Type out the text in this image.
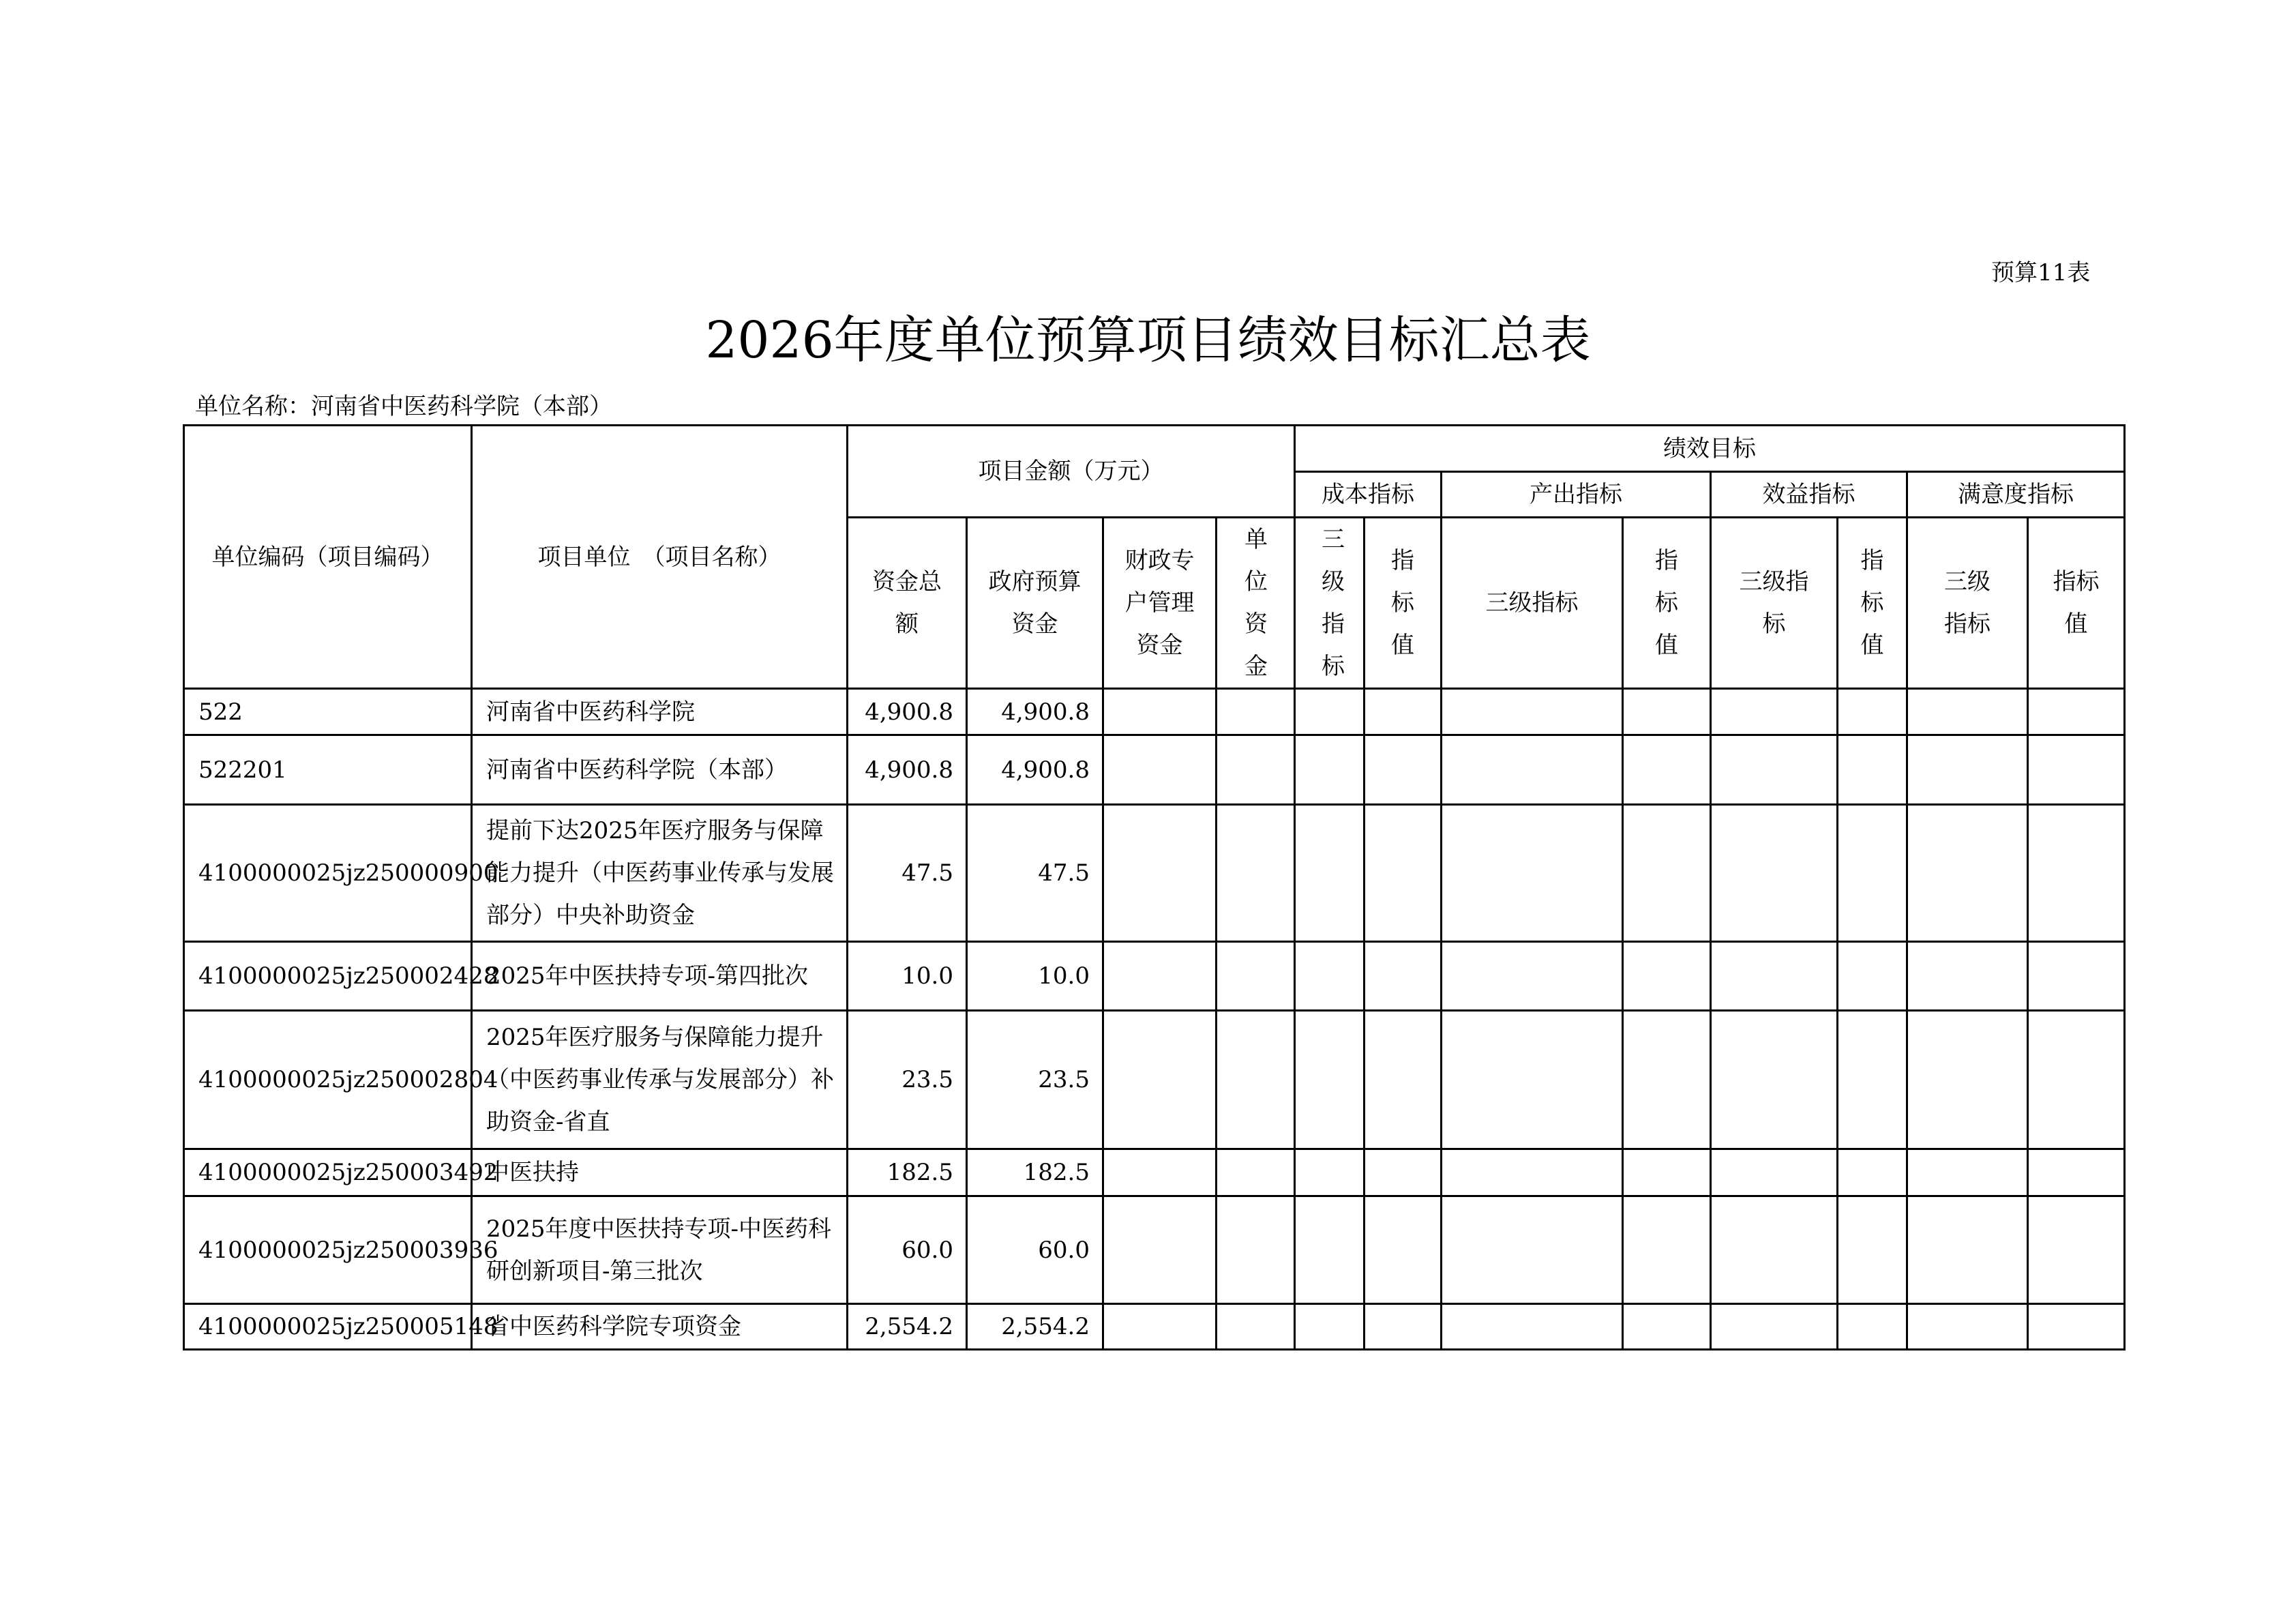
预算11表
2026年度单位预算项目绩效目标汇总表
单位名称：河南省中医药科学院（本部）
单位编码（项目编码）	项目单位　（项目名称）	项目金额（万元）				绩效目标							
						成本指标		产出指标		效益指标		满意度指标	
		资金总额	政府预算资金	财政专户管理资金	单位资金	三级指标	指标值	三级指标	指标值	三级指标	指标值	三级指标	指标值
522	河南省中医药科学院	4,900.8	4,900.8										
522201	河南省中医药科学院（本部）	4,900.8	4,900.8										
4100000025jz250000900	提前下达2025年医疗服务与保障能力提升（中医药事业传承与发展部分）中央补助资金	47.5	47.5										
4100000025jz250002428	2025年中医扶持专项-第四批次	10.0	10.0										
4100000025jz250002804	2025年医疗服务与保障能力提升（中医药事业传承与发展部分）补助资金-省直	23.5	23.5										
4100000025jz250003492	中医扶持	182.5	182.5										
4100000025jz250003936	2025年度中医扶持专项-中医药科研创新项目-第三批次	60.0	60.0										
4100000025jz250005148	省中医药科学院专项资金	2,554.2	2,554.2										
